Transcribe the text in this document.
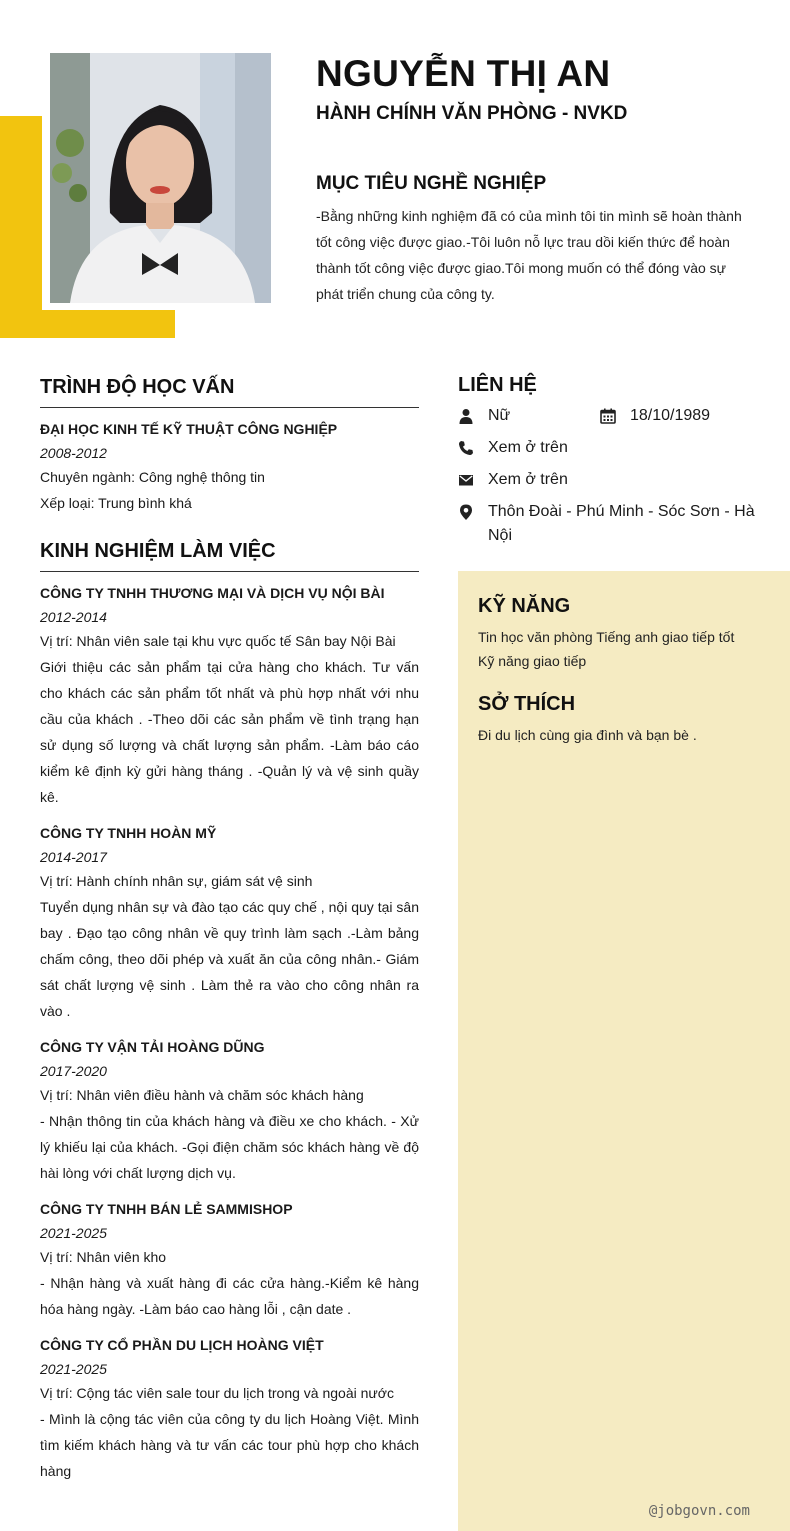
NGUYỄN THỊ AN
HÀNH CHÍNH VĂN PHÒNG - NVKD
MỤC TIÊU NGHỀ NGHIỆP
-Bằng những kinh nghiệm đã có của mình tôi tin mình sẽ hoàn thành tốt công việc được giao.-Tôi luôn nỗ lực trau dồi kiến thức để hoàn thành tốt công việc được giao.Tôi mong muốn có thể đóng vào sự phát triển chung của công ty.
TRÌNH ĐỘ HỌC VẤN
ĐẠI HỌC KINH TẾ KỸ THUẬT CÔNG NGHIỆP
2008-2012
Chuyên ngành: Công nghệ thông tin
Xếp loại: Trung bình khá
KINH NGHIỆM LÀM VIỆC
CÔNG TY TNHH THƯƠNG MẠI VÀ DỊCH VỤ NỘI BÀI
2012-2014
Vị trí: Nhân viên sale tại khu vực quốc tế Sân bay Nội Bài
Giới thiệu các sản phẩm tại cửa hàng cho khách. Tư vấn cho khách các sản phẩm tốt nhất và phù hợp nhất với nhu cầu của khách . -Theo dõi các sản phẩm về tình trạng hạn sử dụng số lượng và chất lượng sản phẩm. -Làm báo cáo kiểm kê định kỳ gửi hàng tháng . -Quản lý và vệ sinh quầy kê.
CÔNG TY TNHH HOÀN MỸ
2014-2017
Vị trí: Hành chính nhân sự, giám sát vệ sinh
Tuyển dụng nhân sự và đào tạo các quy chế , nội quy tại sân bay . Đạo tạo công nhân về quy trình làm sạch .-Làm bảng chấm công, theo dõi phép và xuất ăn của công nhân.- Giám sát chất lượng vệ sinh . Làm thẻ ra vào cho công nhân ra vào .
CÔNG TY VẬN TẢI HOÀNG DŨNG
2017-2020
Vị trí: Nhân viên điều hành và chăm sóc khách hàng
- Nhận thông tin của khách hàng và điều xe cho khách. - Xử lý khiếu lại của khách. -Gọi điện chăm sóc khách hàng về độ hài lòng với chất lượng dịch vụ.
CÔNG TY TNHH BÁN LẺ SAMMISHOP
2021-2025
Vị trí: Nhân viên kho
- Nhận hàng và xuất hàng đi các cửa hàng.-Kiểm kê hàng hóa hàng ngày. -Làm báo cao hàng lỗi , cận date .
CÔNG TY CỔ PHẦN DU LỊCH HOÀNG VIỆT
2021-2025
Vị trí: Cộng tác viên sale tour du lịch trong và ngoài nước
- Mình là cộng tác viên của công ty du lịch Hoàng Việt. Mình tìm kiếm khách hàng và tư vấn các tour phù hợp cho khách hàng
LIÊN HỆ
Nữ	18/10/1989
Xem ở trên
Xem ở trên
Thôn Đoài - Phú Minh - Sóc Sơn - Hà Nội
KỸ NĂNG
Tin học văn phòng Tiếng anh giao tiếp tốt
Kỹ năng giao tiếp
SỞ THÍCH
Đi du lịch cùng gia đình và bạn bè .
@jobgovn.com
